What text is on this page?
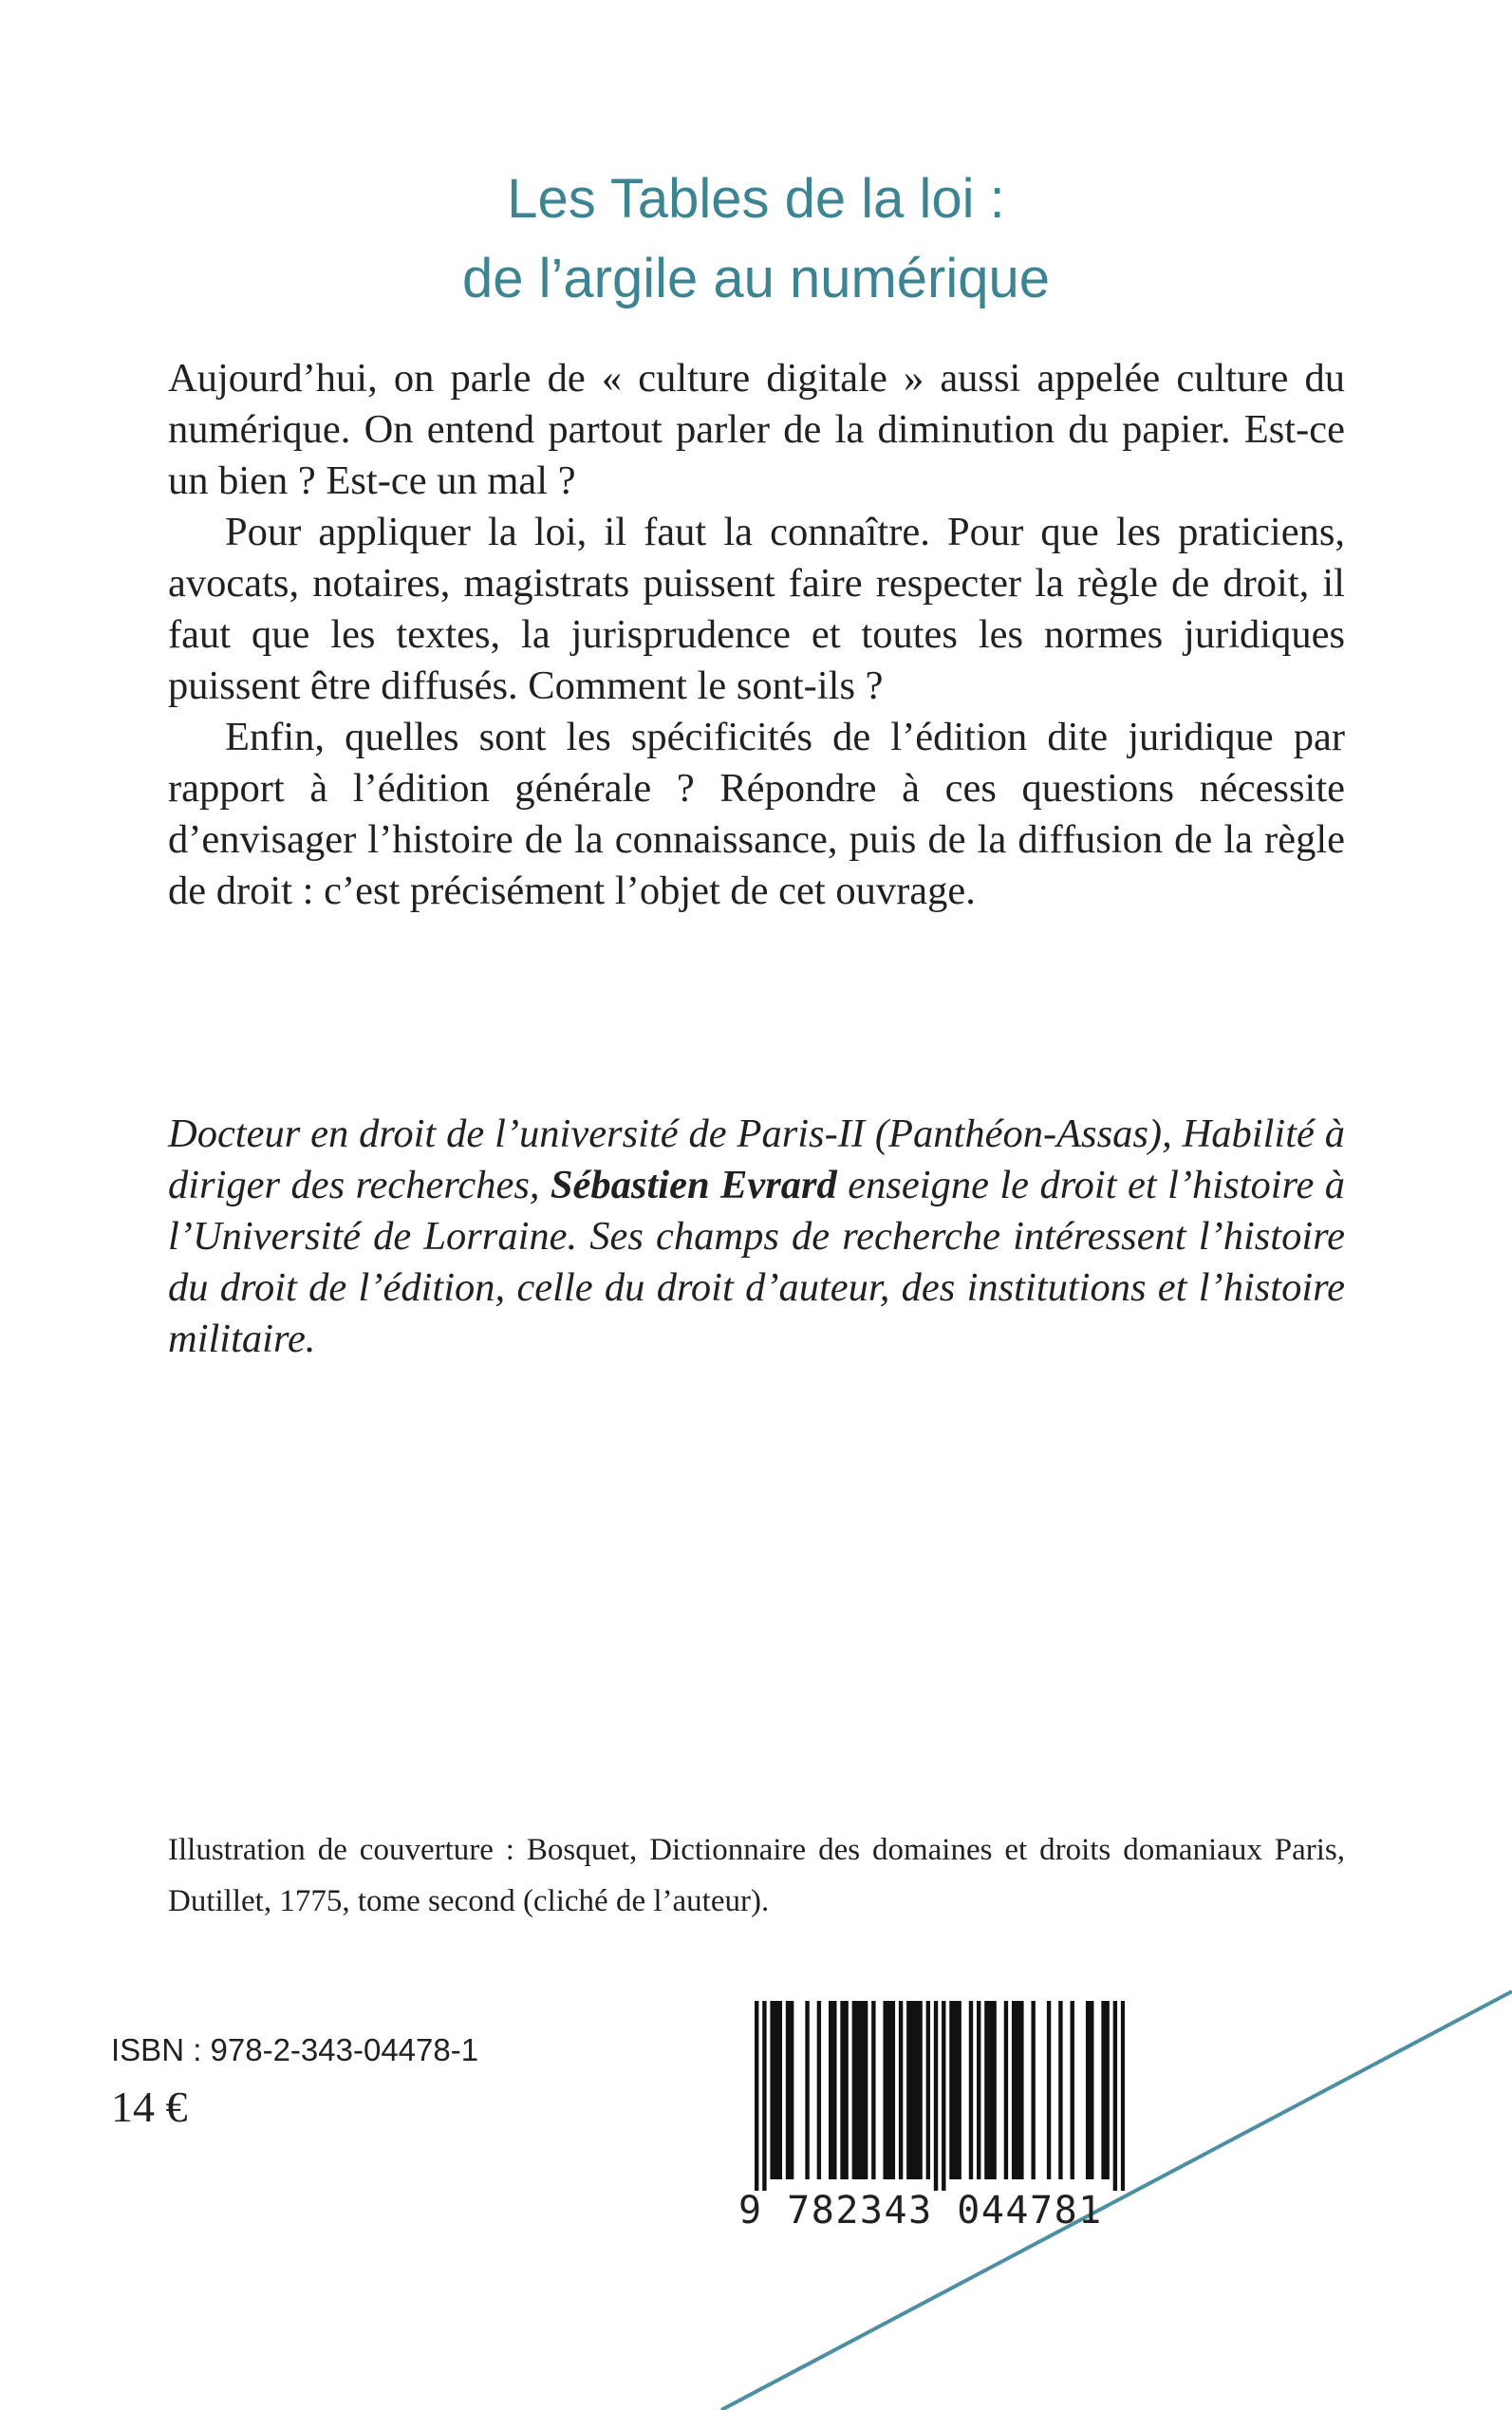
Les Tables de la loi :
de l’argile au numérique

Aujourd’hui, on parle de « culture digitale » aussi appelée culture du numérique. On entend partout parler de la diminution du papier. Est-ce un bien ? Est-ce un mal ?

Pour appliquer la loi, il faut la connaître. Pour que les praticiens, avocats, notaires, magistrats puissent faire respecter la règle de droit, il faut que les textes, la jurisprudence et toutes les normes juridiques puissent être diffusés. Comment le sont-ils ?

Enfin, quelles sont les spécificités de l’édition dite juridique par rapport à l’édition générale ? Répondre à ces questions nécessite d’envisager l’histoire de la connaissance, puis de la diffusion de la règle de droit : c’est précisément l’objet de cet ouvrage.

Docteur en droit de l’université de Paris-II (Panthéon-Assas), Habilité à diriger des recherches, Sébastien Evrard enseigne le droit et l’histoire à l’Université de Lorraine. Ses champs de recherche intéressent l’histoire du droit de l’édition, celle du droit d’auteur, des institutions et l’histoire militaire.
Illustration de couverture : Bosquet, Dictionnaire des domaines et droits domaniaux Paris, Dutillet, 1775, tome second (cliché de l’auteur).
ISBN : 978-2-343-04478-1
14 €
9 782343 044781
